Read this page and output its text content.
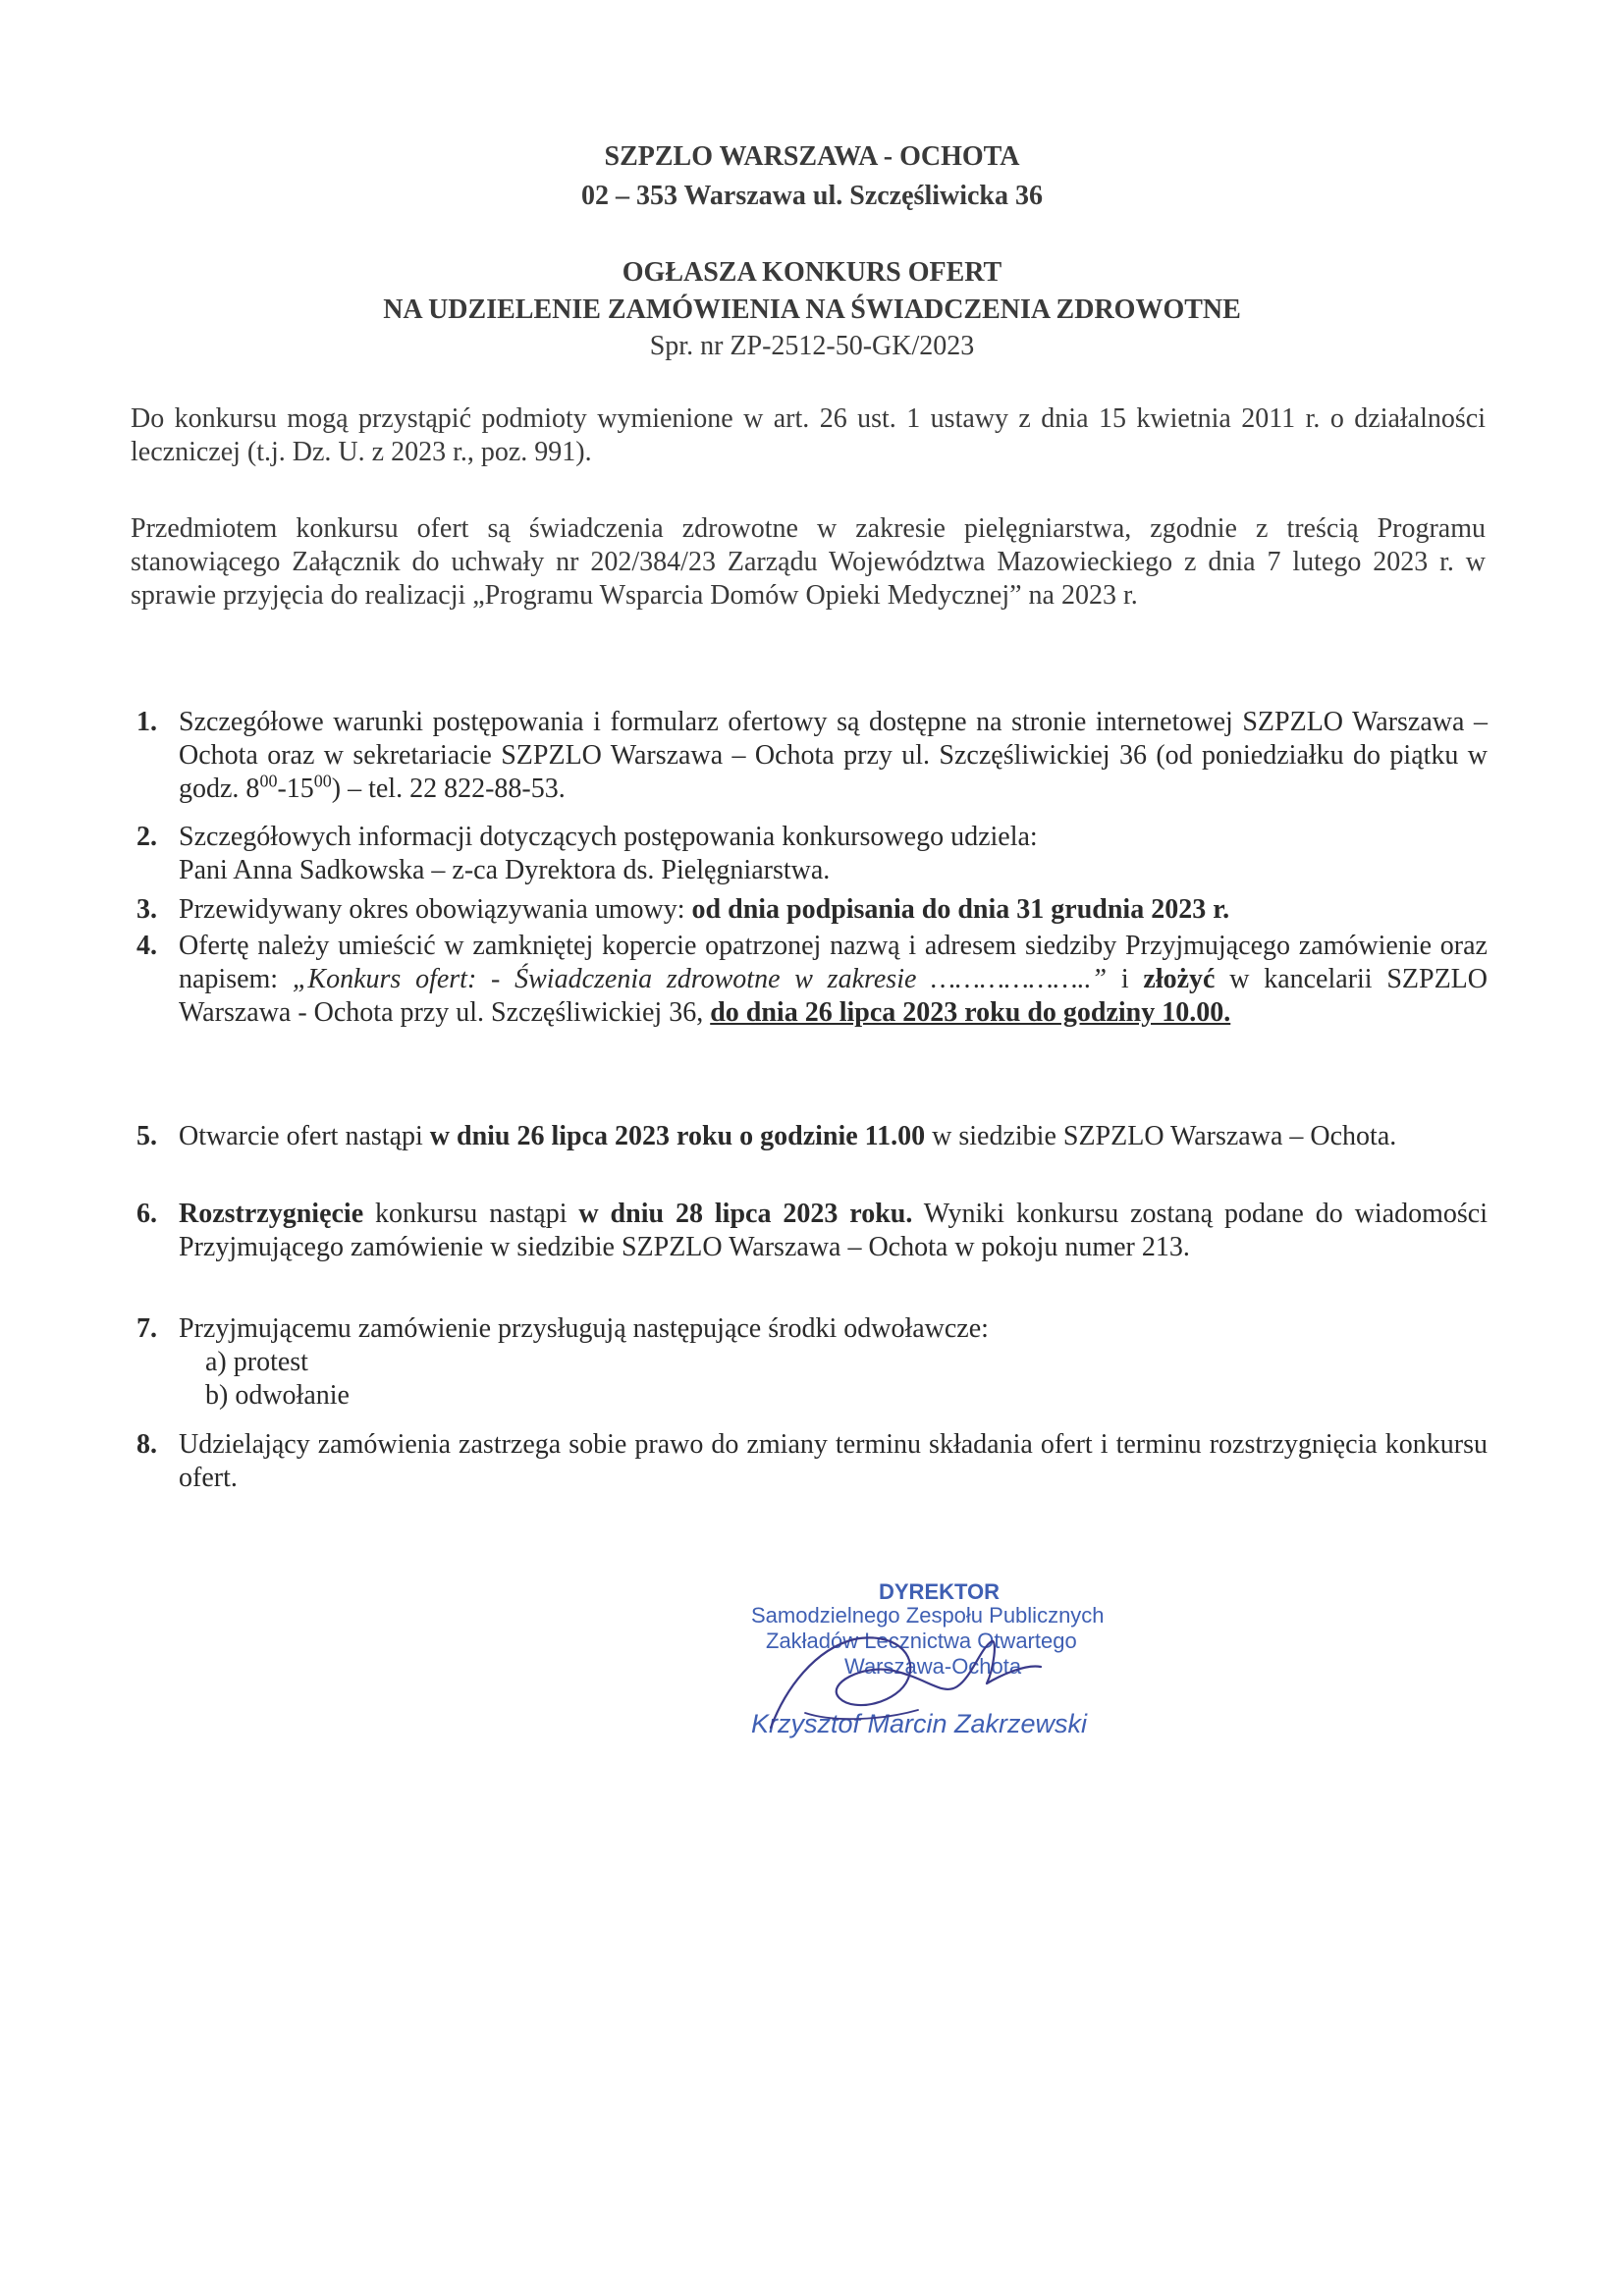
SZPZLO WARSZAWA - OCHOTA
02 – 353 Warszawa ul. Szczęśliwicka 36
OGŁASZA KONKURS OFERT
NA UDZIELENIE ZAMÓWIENIA NA ŚWIADCZENIA ZDROWOTNE
Spr. nr ZP-2512-50-GK/2023
Do konkursu mogą przystąpić podmioty wymienione w art. 26 ust. 1 ustawy z dnia 15 kwietnia 2011 r. o działalności leczniczej (t.j. Dz. U. z 2023 r., poz. 991).
Przedmiotem konkursu ofert są świadczenia zdrowotne w zakresie pielęgniarstwa, zgodnie z treścią Programu stanowiącego Załącznik do uchwały nr 202/384/23 Zarządu Województwa Mazowieckiego z dnia 7 lutego 2023 r. w sprawie przyjęcia do realizacji „Programu Wsparcia Domów Opieki Medycznej” na 2023 r.
1. Szczegółowe warunki postępowania i formularz ofertowy są dostępne na stronie internetowej SZPZLO Warszawa – Ochota oraz w sekretariacie SZPZLO Warszawa – Ochota przy ul. Szczęśliwickiej 36 (od poniedziałku do piątku w godz. $8^{00}-15^{00}$) – tel. 22 822-88-53.
2. Szczegółowych informacji dotyczących postępowania konkursowego udziela:
Pani Anna Sadkowska – z-ca Dyrektora ds. Pielęgniarstwa.
3. Przewidywany okres obowiązywania umowy: od dnia podpisania do dnia 31 grudnia 2023 r.
4. Ofertę należy umieścić w zamkniętej kopercie opatrzonej nazwą i adresem siedziby Przyjmującego zamówienie oraz napisem: „Konkurs ofert: - Świadczenia zdrowotne w zakresie ………………..” i złożyć w kancelarii SZPZLO Warszawa - Ochota przy ul. Szczęśliwickiej 36, do dnia 26 lipca 2023 roku do godziny 10.00.
5. Otwarcie ofert nastąpi w dniu 26 lipca 2023 roku o godzinie 11.00 w siedzibie SZPZLO Warszawa – Ochota.
6. Rozstrzygnięcie konkursu nastąpi w dniu 28 lipca 2023 roku. Wyniki konkursu zostaną podane do wiadomości Przyjmującego zamówienie w siedzibie SZPZLO Warszawa – Ochota w pokoju numer 213.
7. Przyjmującemu zamówienie przysługują następujące środki odwoławcze:
a) protest
b) odwołanie
8. Udzielający zamówienia zastrzega sobie prawo do zmiany terminu składania ofert i terminu rozstrzygnięcia konkursu ofert.
DYREKTOR
Samodzielnego Zespołu Publicznych
Zakładów Lecznictwa Otwartego
Warszawa-Ochota
Krzysztof Marcin Zakrzewski
